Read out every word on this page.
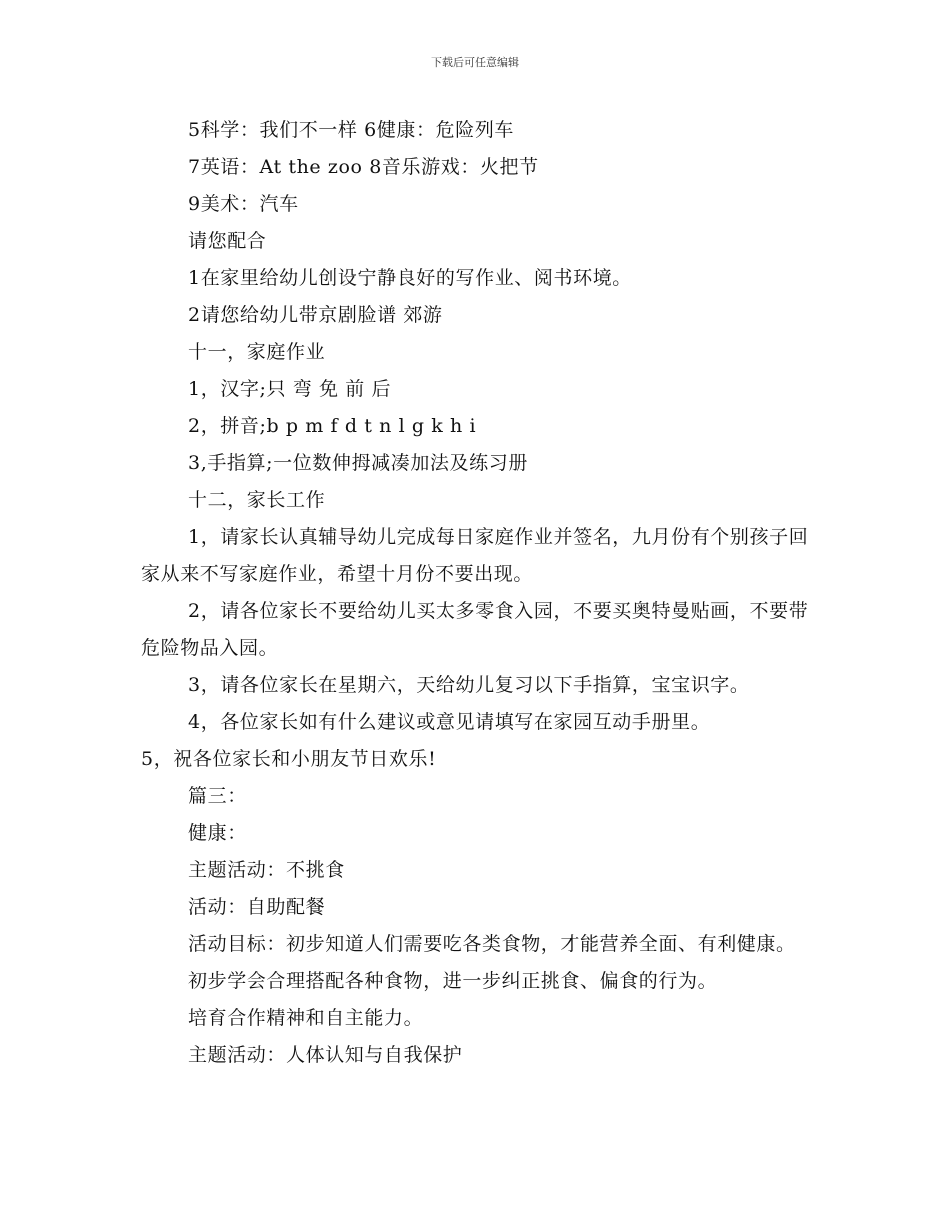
下载后可任意编辑

5科学：我们不一样 6健康：危险列车

7英语：At the zoo 8音乐游戏：火把节

9美术：汽车

请您配合

1在家里给幼儿创设宁静良好的写作业、阅书环境。

2请您给幼儿带京剧脸谱 郊游

十一，家庭作业

1，汉字;只 弯 免 前 后

2，拼音;b p m f d t n l g k h i

3,手指算;一位数伸拇减凑加法及练习册

十二，家长工作

1，请家长认真辅导幼儿完成每日家庭作业并签名，九月份有个别孩子回家从来不写家庭作业，希望十月份不要出现。

2，请各位家长不要给幼儿买太多零食入园，不要买奥特曼贴画，不要带危险物品入园。

3，请各位家长在星期六，天给幼儿复习以下手指算，宝宝识字。

4，各位家长如有什么建议或意见请填写在家园互动手册里。

5，祝各位家长和小朋友节日欢乐!

篇三：

健康：

主题活动：不挑食

活动：自助配餐

活动目标：初步知道人们需要吃各类食物，才能营养全面、有利健康。

初步学会合理搭配各种食物，进一步纠正挑食、偏食的行为。

培育合作精神和自主能力。

主题活动：人体认知与自我保护
